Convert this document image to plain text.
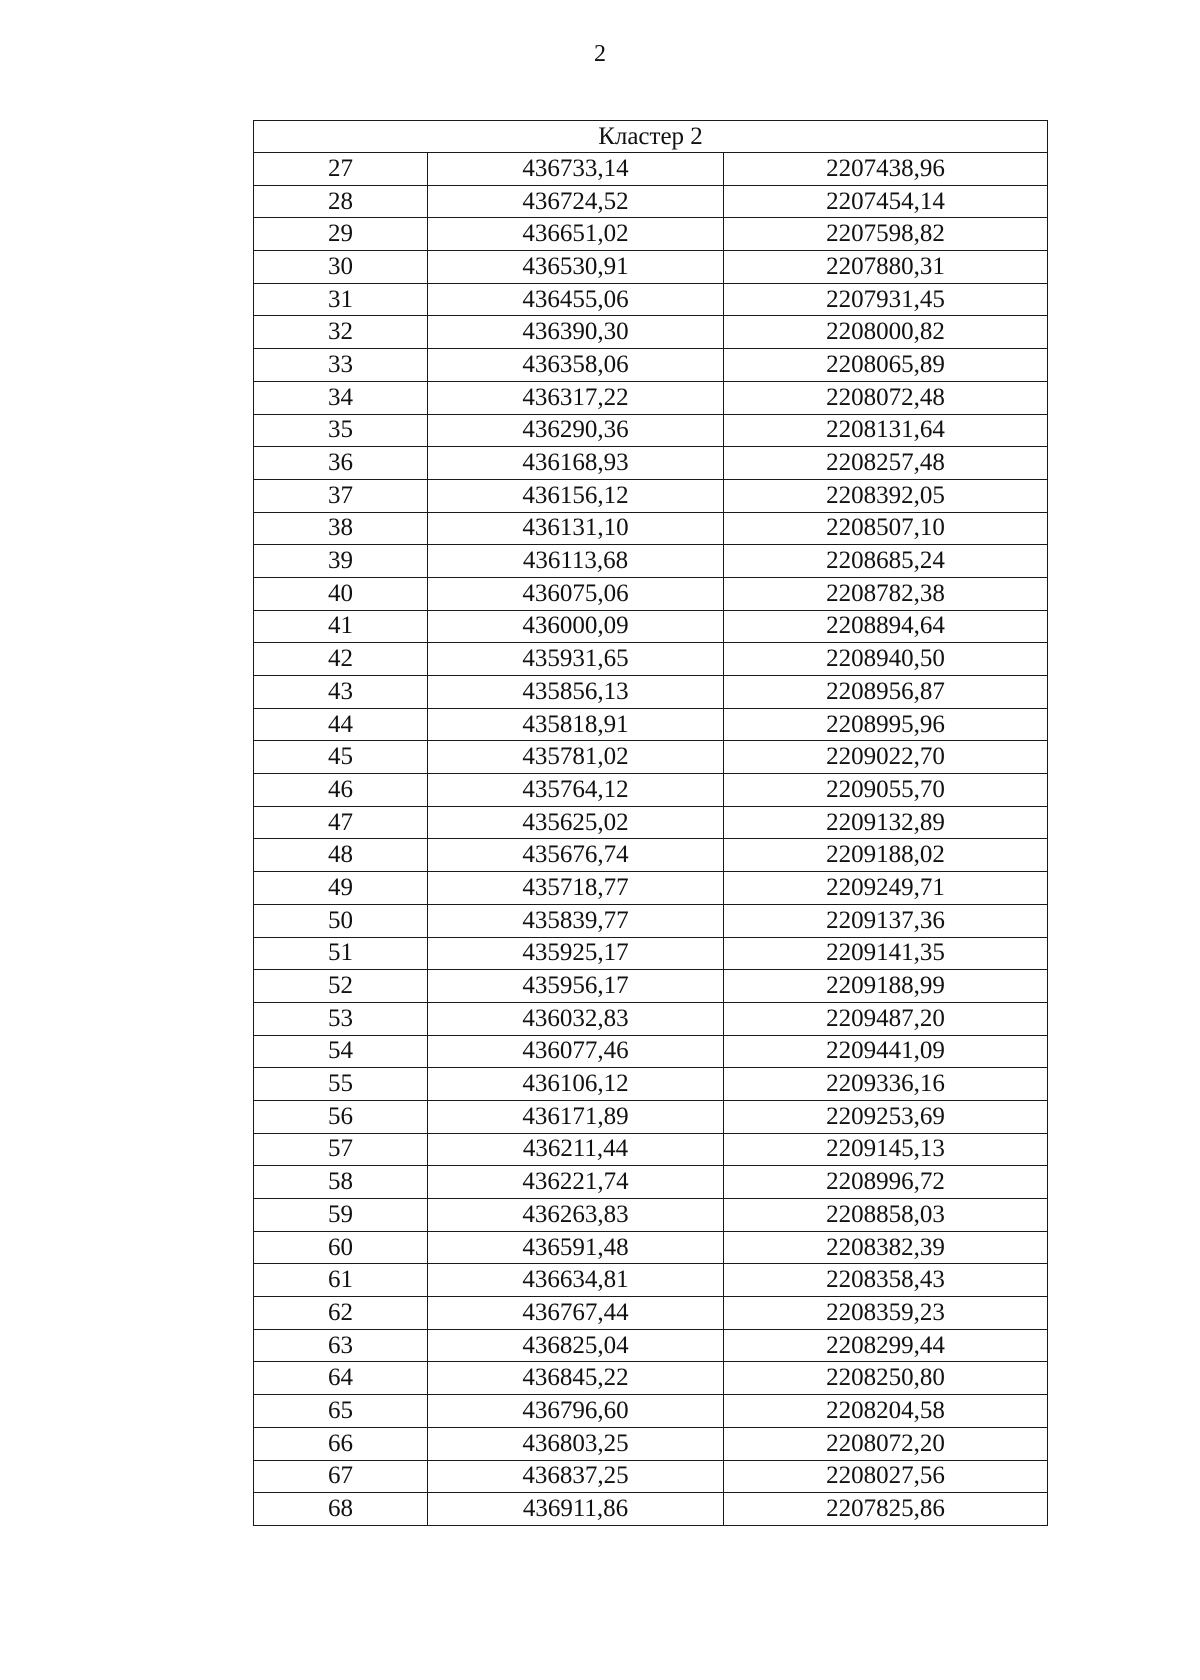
2
Кластер 2		
27	436733,14	2207438,96
28	436724,52	2207454,14
29	436651,02	2207598,82
30	436530,91	2207880,31
31	436455,06	2207931,45
32	436390,30	2208000,82
33	436358,06	2208065,89
34	436317,22	2208072,48
35	436290,36	2208131,64
36	436168,93	2208257,48
37	436156,12	2208392,05
38	436131,10	2208507,10
39	436113,68	2208685,24
40	436075,06	2208782,38
41	436000,09	2208894,64
42	435931,65	2208940,50
43	435856,13	2208956,87
44	435818,91	2208995,96
45	435781,02	2209022,70
46	435764,12	2209055,70
47	435625,02	2209132,89
48	435676,74	2209188,02
49	435718,77	2209249,71
50	435839,77	2209137,36
51	435925,17	2209141,35
52	435956,17	2209188,99
53	436032,83	2209487,20
54	436077,46	2209441,09
55	436106,12	2209336,16
56	436171,89	2209253,69
57	436211,44	2209145,13
58	436221,74	2208996,72
59	436263,83	2208858,03
60	436591,48	2208382,39
61	436634,81	2208358,43
62	436767,44	2208359,23
63	436825,04	2208299,44
64	436845,22	2208250,80
65	436796,60	2208204,58
66	436803,25	2208072,20
67	436837,25	2208027,56
68	436911,86	2207825,86
